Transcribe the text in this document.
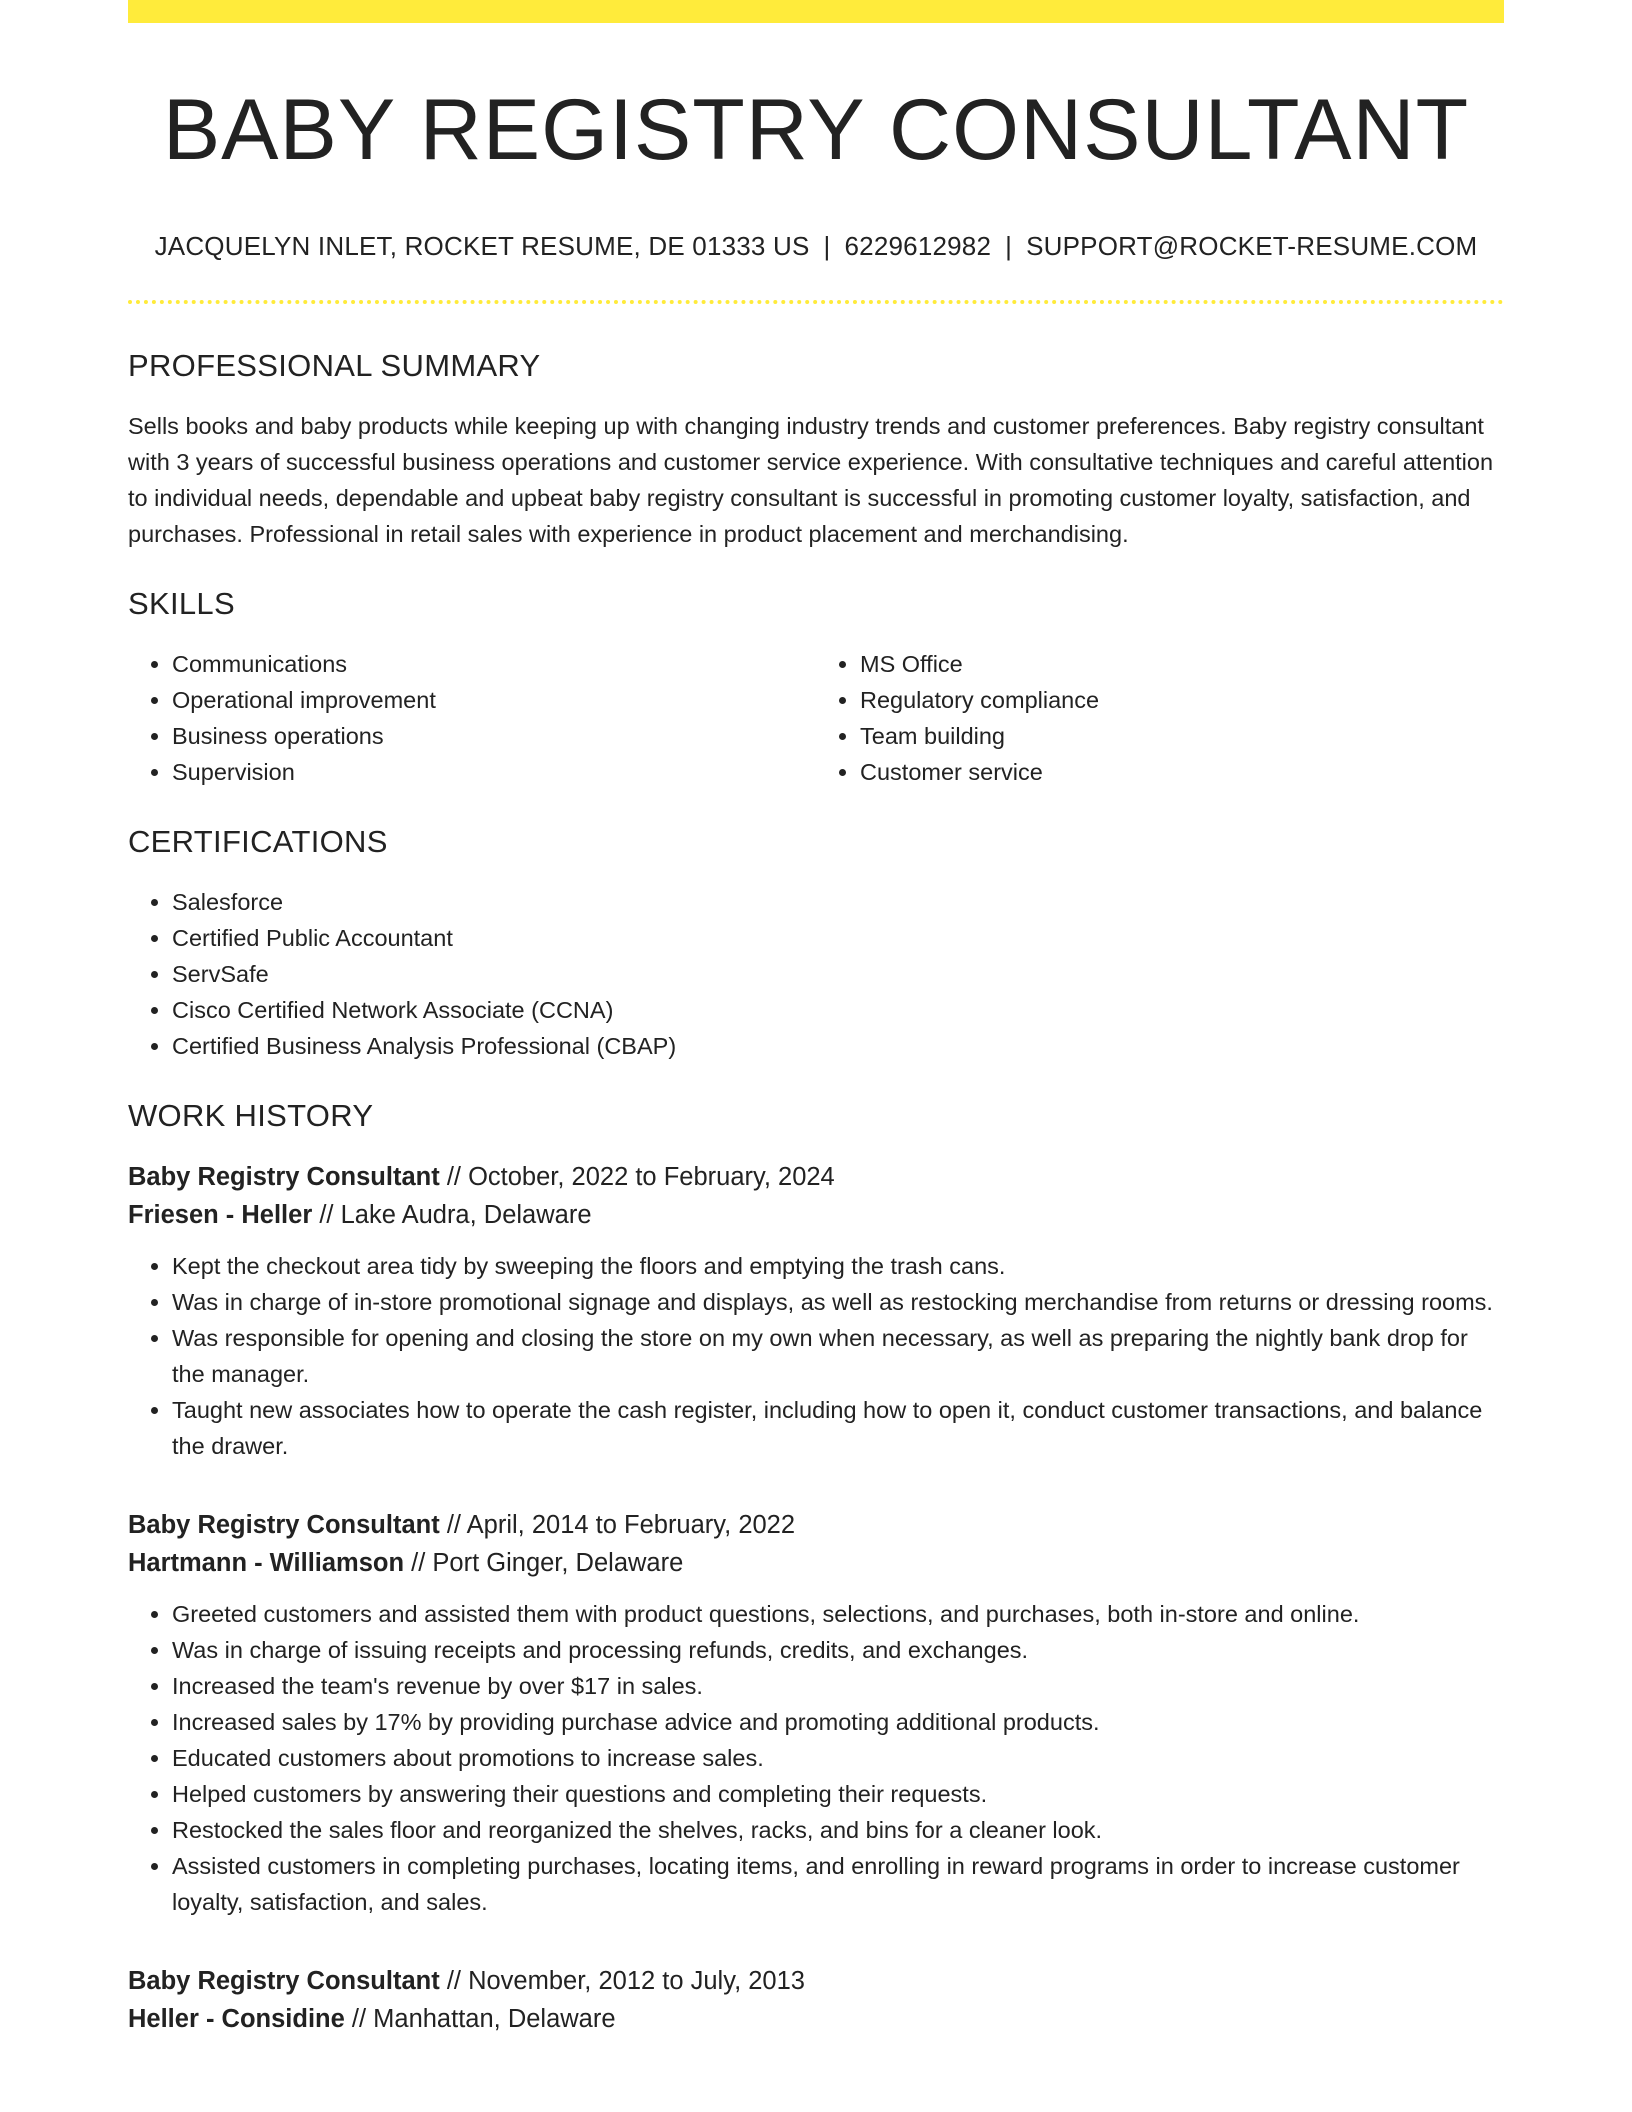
BABY REGISTRY CONSULTANT
JACQUELYN INLET, ROCKET RESUME, DE 01333 US | 6229612982 | SUPPORT@ROCKET-RESUME.COM
PROFESSIONAL SUMMARY

Sells books and baby products while keeping up with changing industry trends and customer preferences. Baby registry consultant with 3 years of successful business operations and customer service experience. With consultative techniques and careful attention to individual needs, dependable and upbeat baby registry consultant is successful in promoting customer loyalty, satisfaction, and purchases. Professional in retail sales with experience in product placement and merchandising.

SKILLS
• Communications
• Operational improvement
• Business operations
• Supervision
• MS Office
• Regulatory compliance
• Team building
• Customer service
CERTIFICATIONS
• Salesforce
• Certified Public Accountant
• ServSafe
• Cisco Certified Network Associate (CCNA)
• Certified Business Analysis Professional (CBAP)
WORK HISTORY
Baby Registry Consultant // October, 2022 to February, 2024
Friesen - Heller // Lake Audra, Delaware
• Kept the checkout area tidy by sweeping the floors and emptying the trash cans.
• Was in charge of in-store promotional signage and displays, as well as restocking merchandise from returns or dressing rooms.
• Was responsible for opening and closing the store on my own when necessary, as well as preparing the nightly bank drop for the manager.
• Taught new associates how to operate the cash register, including how to open it, conduct customer transactions, and balance the drawer.
Baby Registry Consultant // April, 2014 to February, 2022
Hartmann - Williamson // Port Ginger, Delaware
• Greeted customers and assisted them with product questions, selections, and purchases, both in-store and online.
• Was in charge of issuing receipts and processing refunds, credits, and exchanges.
• Increased the team's revenue by over $17 in sales.
• Increased sales by 17% by providing purchase advice and promoting additional products.
• Educated customers about promotions to increase sales.
• Helped customers by answering their questions and completing their requests.
• Restocked the sales floor and reorganized the shelves, racks, and bins for a cleaner look.
• Assisted customers in completing purchases, locating items, and enrolling in reward programs in order to increase customer loyalty, satisfaction, and sales.
Baby Registry Consultant // November, 2012 to July, 2013
Heller - Considine // Manhattan, Delaware
